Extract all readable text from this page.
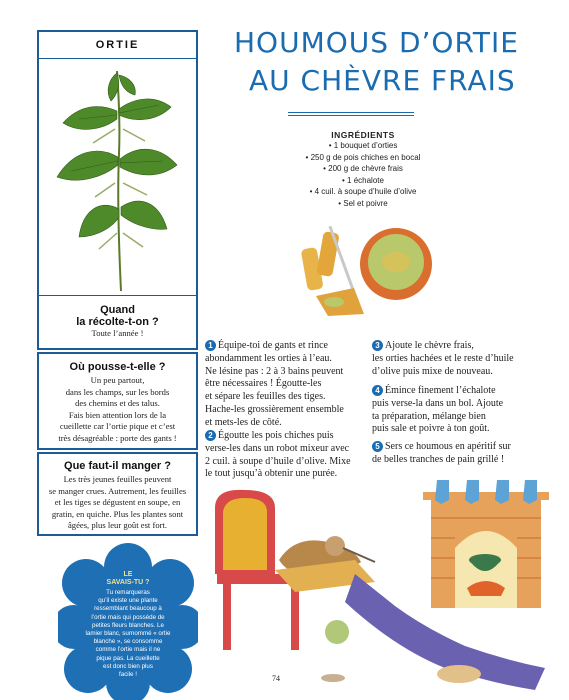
ORTIE
Quand
la récolte-t-on ?
Toute l’année !
Où pousse-t-elle ?
Un peu partout,
dans les champs, sur les bords
des chemins et des talus.
Fais bien attention lors de la
cueillette car l’ortie pique et c’est
très désagréable : porte des gants !
Que faut-il manger ?
Les très jeunes feuilles peuvent
se manger crues. Autrement, les feuilles
et les tiges se dégustent en soupe, en
gratin, en quiche. Plus les plantes sont
âgées, plus leur goût est fort.
LE
SAVAIS-TU ?
Tu remarqueras
qu’il existe une plante
ressemblant beaucoup à
l’ortie mais qui possède de
petites fleurs blanches. Le
lamier blanc, surnommé « ortie
blanche », se consomme
comme l’ortie mais il ne
pique pas. La cueillette
est donc bien plus
facile !
HOUMOUS D’ORTIE
AU CHÈVRE FRAIS
INGRÉDIENTS
• 1 bouquet d’orties
• 250 g de pois chiches en bocal
• 200 g de chèvre frais
• 1 échalote
• 4 cuil. à soupe d’huile d’olive
• Sel et poivre
1 Équipe-toi de gants et rince
abondamment les orties à l’eau.
Ne lésine pas : 2 à 3 bains peuvent
être nécessaires ! Égoutte-les
et sépare les feuilles des tiges.
Hache-les grossièrement ensemble
et mets-les de côté.
2 Égoutte les pois chiches puis
verse-les dans un robot mixeur avec
2 cuil. à soupe d’huile d’olive. Mixe
le tout jusqu’à obtenir une purée.
3 Ajoute le chèvre frais,
les orties hachées et le reste d’huile
d’olive puis mixe de nouveau.
4 Émince finement l’échalote
puis verse-la dans un bol. Ajoute
ta préparation, mélange bien
puis sale et poivre à ton goût.
5 Sers ce houmous en apéritif sur
de belles tranches de pain grillé !
74
